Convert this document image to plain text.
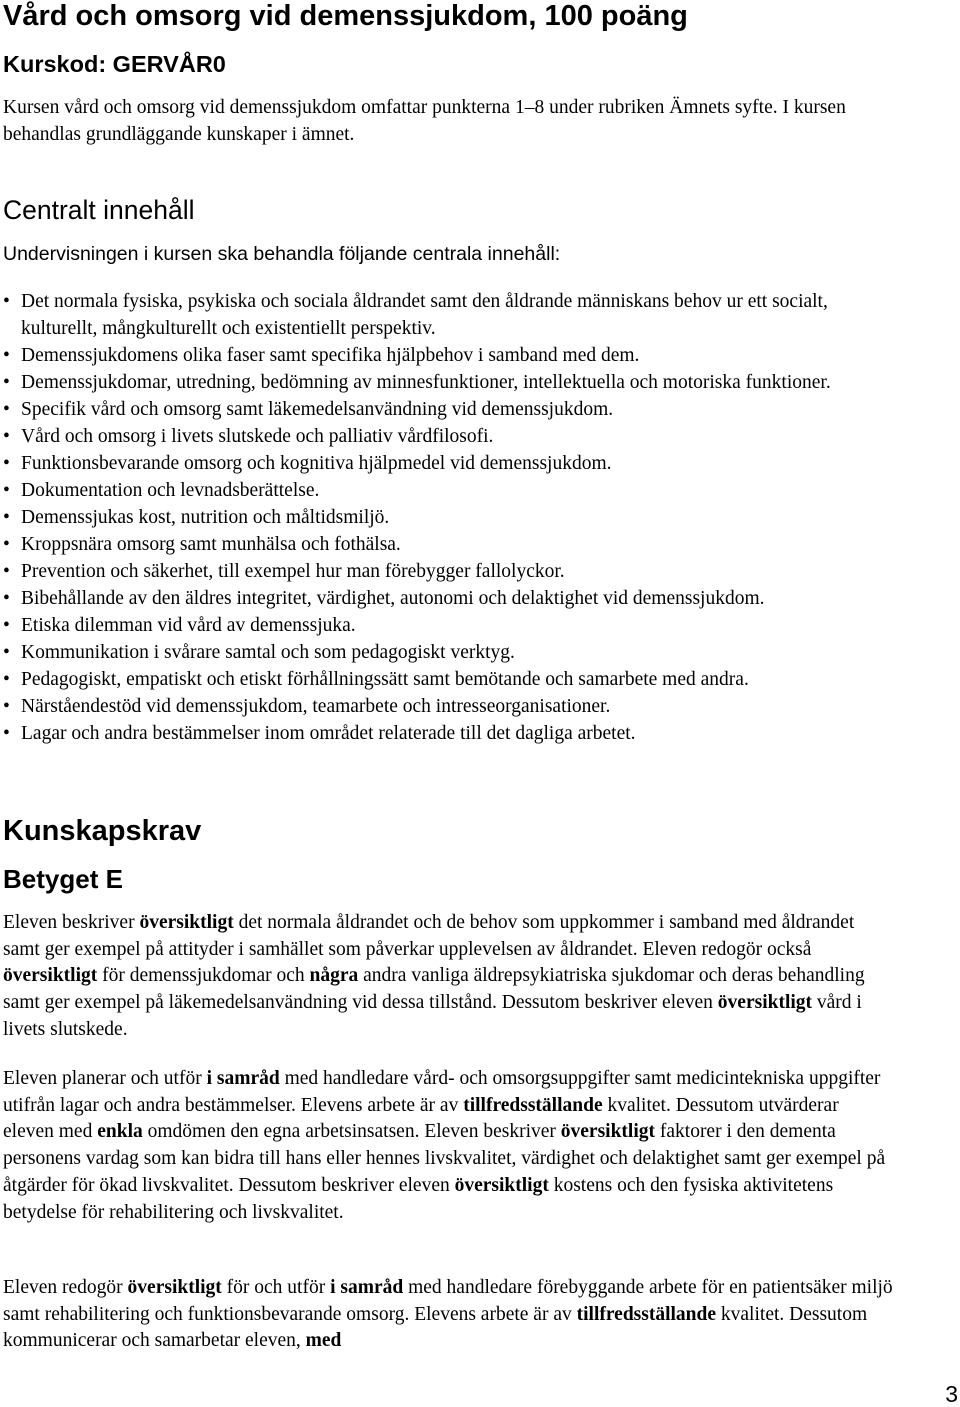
Vård och omsorg vid demenssjukdom, 100 poäng

Kurskod: GERVÅR0

Kursen vård och omsorg vid demenssjukdom omfattar punkterna 1–8 under rubriken Ämnets syfte. I kursen behandlas grundläggande kunskaper i ämnet.

Centralt innehåll

Undervisningen i kursen ska behandla följande centrala innehåll:

• Det normala fysiska, psykiska och sociala åldrandet samt den åldrande människans behov ur ett socialt, kulturellt, mångkulturellt och existentiellt perspektiv.
• Demenssjukdomens olika faser samt specifika hjälpbehov i samband med dem.
• Demenssjukdomar, utredning, bedömning av minnesfunktioner, intellektuella och motoriska funktioner.
• Specifik vård och omsorg samt läkemedelsanvändning vid demenssjukdom.
• Vård och omsorg i livets slutskede och palliativ vårdfilosofi.
• Funktionsbevarande omsorg och kognitiva hjälpmedel vid demenssjukdom.
• Dokumentation och levnadsberättelse.
• Demenssjukas kost, nutrition och måltidsmiljö.
• Kroppsnära omsorg samt munhälsa och fothälsa.
• Prevention och säkerhet, till exempel hur man förebygger fallolyckor.
• Bibehållande av den äldres integritet, värdighet, autonomi och delaktighet vid demenssjukdom.
• Etiska dilemman vid vård av demenssjuka.
• Kommunikation i svårare samtal och som pedagogiskt verktyg.
• Pedagogiskt, empatiskt och etiskt förhållningssätt samt bemötande och samarbete med andra.
• Närståendestöd vid demenssjukdom, teamarbete och intresseorganisationer.
• Lagar och andra bestämmelser inom området relaterade till det dagliga arbetet.
Kunskapskrav
Betyget E

Eleven beskriver översiktligt det normala åldrandet och de behov som uppkommer i samband med åldrandet samt ger exempel på attityder i samhället som påverkar upplevelsen av åldrandet. Eleven redogör också översiktligt för demenssjukdomar och några andra vanliga äldrepsykiatriska sjukdomar och deras behandling samt ger exempel på läkemedelsanvändning vid dessa tillstånd. Dessutom beskriver eleven översiktligt vård i livets slutskede.

Eleven planerar och utför i samråd med handledare vård- och omsorgsuppgifter samt medicintekniska uppgifter utifrån lagar och andra bestämmelser. Elevens arbete är av tillfredsställande kvalitet. Dessutom utvärderar eleven med enkla omdömen den egna arbetsinsatsen. Eleven beskriver översiktligt faktorer i den dementa personens vardag som kan bidra till hans eller hennes livskvalitet, värdighet och delaktighet samt ger exempel på åtgärder för ökad livskvalitet. Dessutom beskriver eleven översiktligt kostens och den fysiska aktivitetens betydelse för rehabilitering och livskvalitet.

Eleven redogör översiktligt för och utför i samråd med handledare förebyggande arbete för en patientsäker miljö samt rehabilitering och funktionsbevarande omsorg. Elevens arbete är av tillfredsställande kvalitet. Dessutom kommunicerar och samarbetar eleven, med

3
